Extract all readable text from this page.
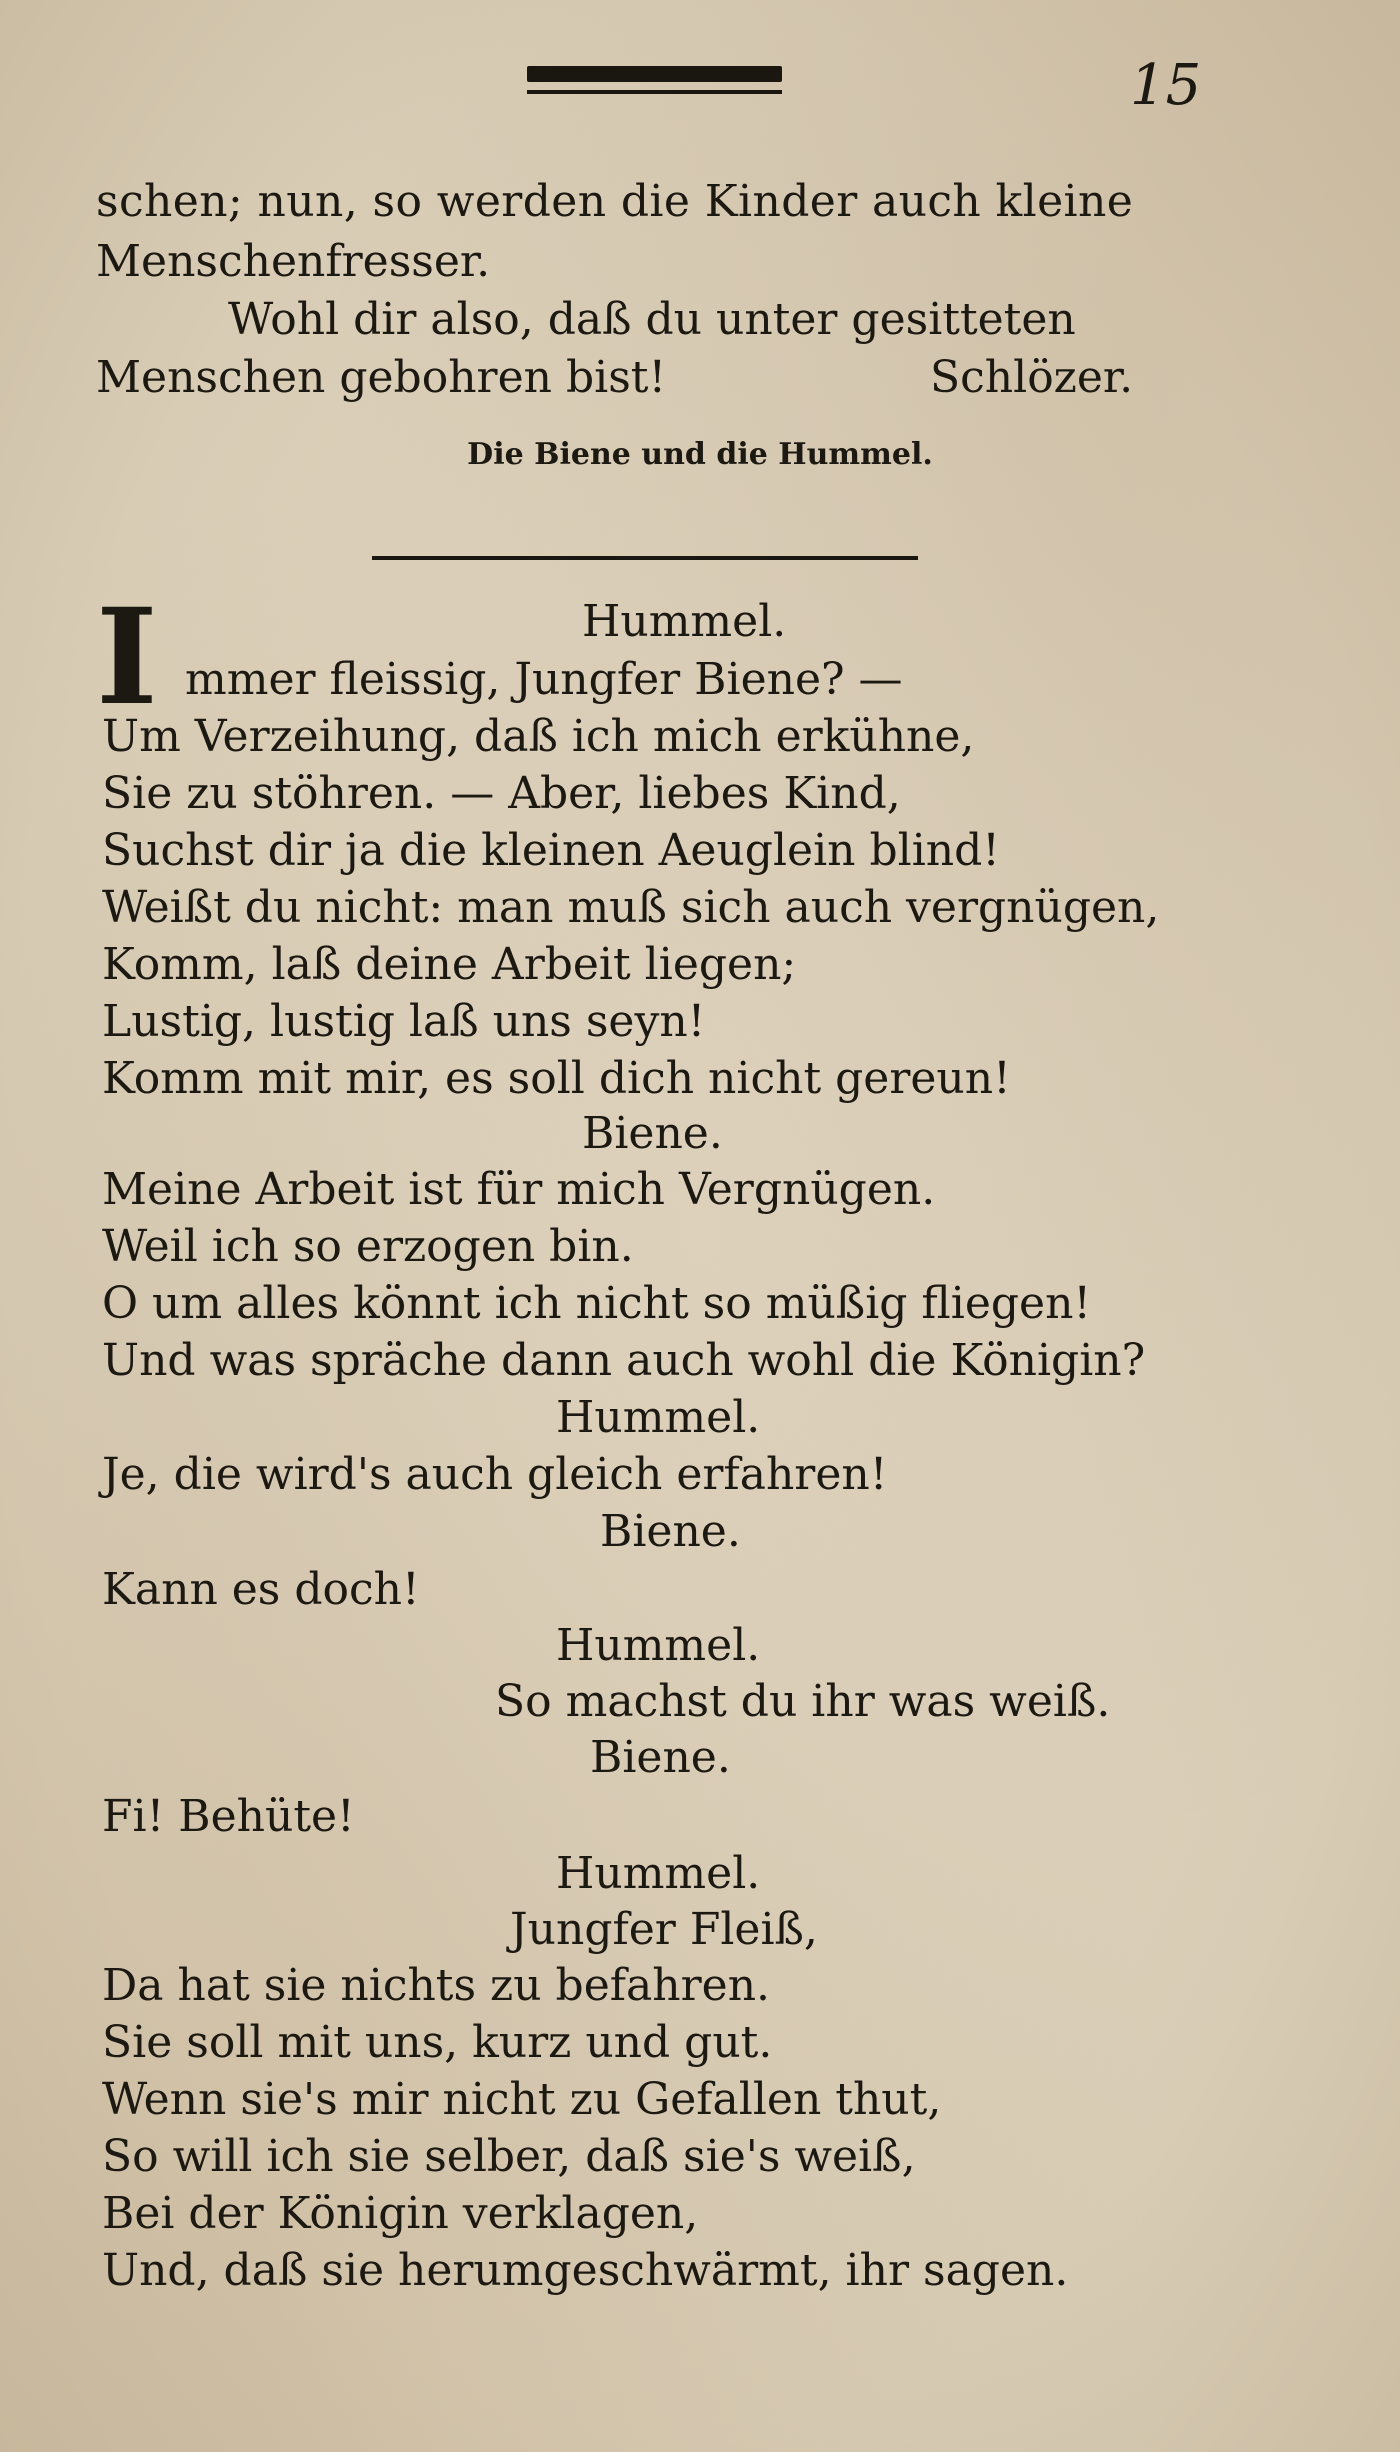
15
schen; nun, so werden die Kinder auch kleine
Menschenfresser.
Wohl dir also, daß du unter gesitteten
Menschen gebohren bist!	Schlözer.
Die Biene und die Hummel.
I	Hummel.
mmer fleissig, Jungfer Biene? —
Um Verzeihung, daß ich mich erkühne,
Sie zu stöhren. — Aber, liebes Kind,
Suchst dir ja die kleinen Aeuglein blind!
Weißt du nicht: man muß sich auch vergnügen,
Komm, laß deine Arbeit liegen;
Lustig, lustig laß uns seyn!
Komm mit mir, es soll dich nicht gereun!
Biene.
Meine Arbeit ist für mich Vergnügen.
Weil ich so erzogen bin.
O um alles könnt ich nicht so müßig fliegen!
Und was spräche dann auch wohl die Königin?
Hummel.
Je, die wird's auch gleich erfahren!
Biene.
Kann es doch!
Hummel.
So machst du ihr was weiß.
Biene.
Fi! Behüte!
Hummel.
Jungfer Fleiß,
Da hat sie nichts zu befahren.
Sie soll mit uns, kurz und gut.
Wenn sie's mir nicht zu Gefallen thut,
So will ich sie selber, daß sie's weiß,
Bei der Königin verklagen,
Und, daß sie herumgeschwärmt, ihr sagen.
